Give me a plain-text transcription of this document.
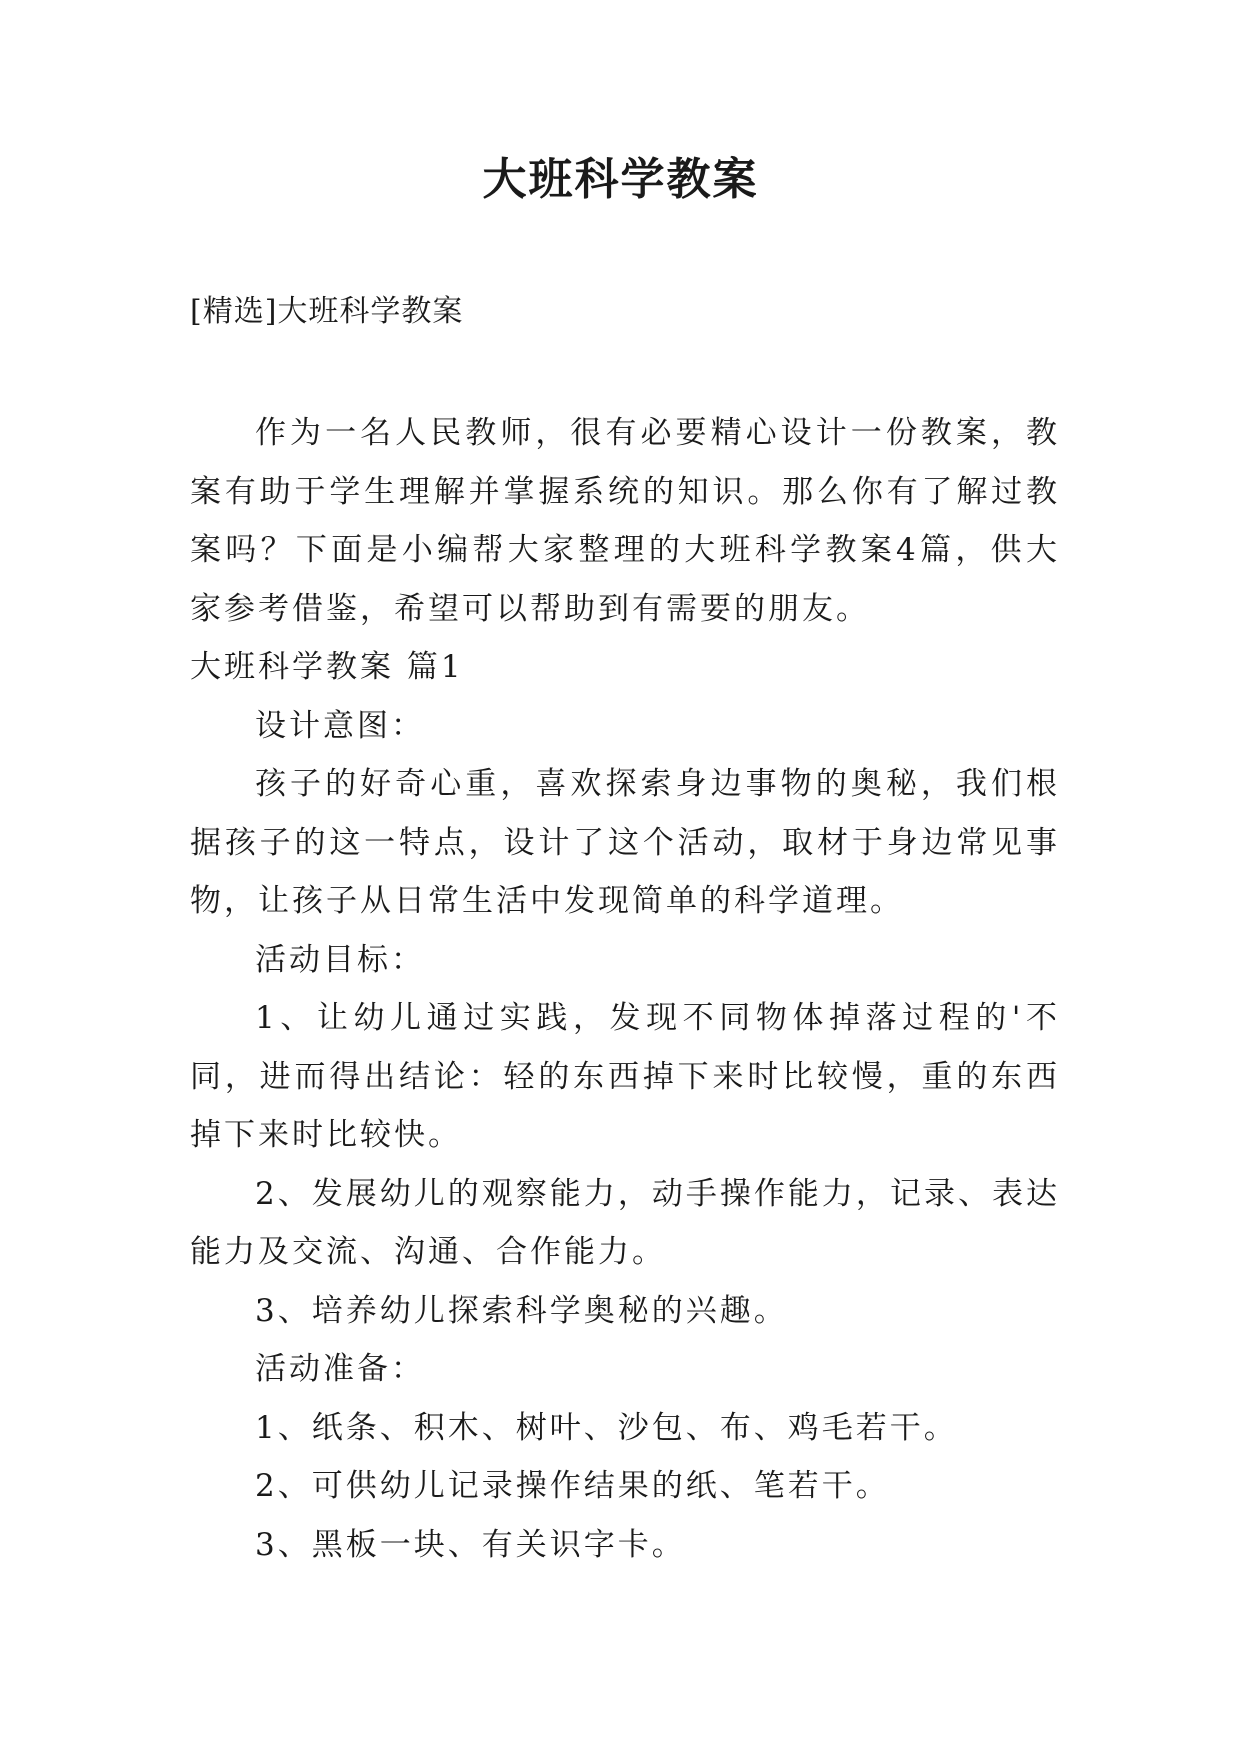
大班科学教案
[精选]大班科学教案

作为一名人民教师，很有必要精心设计一份教案，教案有助于学生理解并掌握系统的知识。那么你有了解过教案吗？下面是小编帮大家整理的大班科学教案4篇，供大家参考借鉴，希望可以帮助到有需要的朋友。

大班科学教案 篇1

设计意图：

孩子的好奇心重，喜欢探索身边事物的奥秘，我们根据孩子的这一特点，设计了这个活动，取材于身边常见事物，让孩子从日常生活中发现简单的科学道理。

活动目标：

1、让幼儿通过实践，发现不同物体掉落过程的'不同，进而得出结论：轻的东西掉下来时比较慢，重的东西掉下来时比较快。

2、发展幼儿的观察能力，动手操作能力，记录、表达能力及交流、沟通、合作能力。

3、培养幼儿探索科学奥秘的兴趣。

活动准备：

1、纸条、积木、树叶、沙包、布、鸡毛若干。

2、可供幼儿记录操作结果的纸、笔若干。

3、黑板一块、有关识字卡。
